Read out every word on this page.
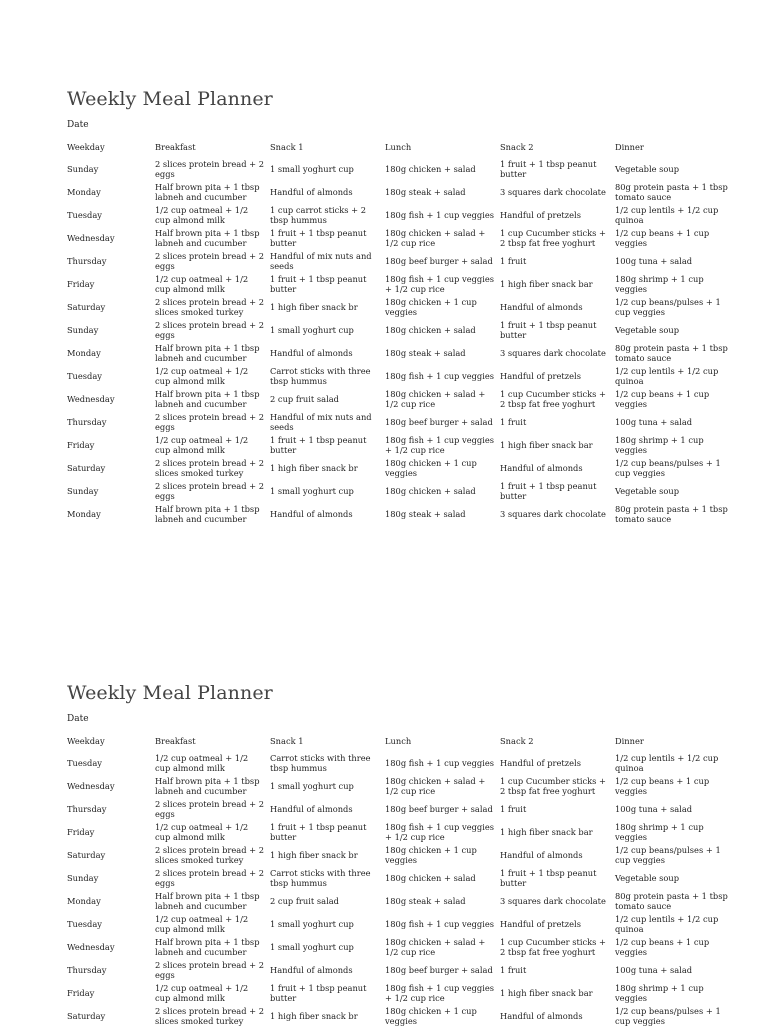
Weekly Meal Planner
Date
Weekday	Breakfast	Snack 1	Lunch	Snack 2	Dinner
Sunday	2 slices protein bread + 2 eggs	1 small yoghurt cup	180g chicken + salad	1 fruit + 1 tbsp peanut butter	Vegetable soup
Monday	Half brown pita + 1 tbsp labneh and cucumber	Handful of almonds	180g steak + salad	3 squares dark chocolate	80g protein pasta + 1 tbsp tomato sauce
Tuesday	1/2 cup oatmeal + 1/2 cup almond milk	1 cup carrot sticks + 2 tbsp hummus	180g fish + 1 cup veggies	Handful of pretzels	1/2 cup lentils + 1/2 cup quinoa
Wednesday	Half brown pita + 1 tbsp labneh and cucumber	1 fruit + 1 tbsp peanut butter	180g chicken + salad + 1/2 cup rice	1 cup Cucumber sticks + 2 tbsp fat free yoghurt	1/2 cup beans + 1 cup veggies
Thursday	2 slices protein bread + 2 eggs	Handful of mix nuts and seeds	180g beef burger + salad	1 fruit	100g tuna + salad
Friday	1/2 cup oatmeal + 1/2 cup almond milk	1 fruit + 1 tbsp peanut butter	180g fish + 1 cup veggies + 1/2 cup rice	1 high fiber snack bar	180g shrimp + 1 cup veggies
Saturday	2 slices protein bread + 2 slices smoked turkey	1 high fiber snack br	180g chicken + 1 cup veggies	Handful of almonds	1/2 cup beans/pulses + 1 cup veggies
Sunday	2 slices protein bread + 2 eggs	1 small yoghurt cup	180g chicken + salad	1 fruit + 1 tbsp peanut butter	Vegetable soup
Monday	Half brown pita + 1 tbsp labneh and cucumber	Handful of almonds	180g steak + salad	3 squares dark chocolate	80g protein pasta + 1 tbsp tomato sauce
Tuesday	1/2 cup oatmeal + 1/2 cup almond milk	Carrot sticks with three tbsp hummus	180g fish + 1 cup veggies	Handful of pretzels	1/2 cup lentils + 1/2 cup quinoa
Wednesday	Half brown pita + 1 tbsp labneh and cucumber	2 cup fruit salad	180g chicken + salad + 1/2 cup rice	1 cup Cucumber sticks + 2 tbsp fat free yoghurt	1/2 cup beans + 1 cup veggies
Thursday	2 slices protein bread + 2 eggs	Handful of mix nuts and seeds	180g beef burger + salad	1 fruit	100g tuna + salad
Friday	1/2 cup oatmeal + 1/2 cup almond milk	1 fruit + 1 tbsp peanut butter	180g fish + 1 cup veggies + 1/2 cup rice	1 high fiber snack bar	180g shrimp + 1 cup veggies
Saturday	2 slices protein bread + 2 slices smoked turkey	1 high fiber snack br	180g chicken + 1 cup veggies	Handful of almonds	1/2 cup beans/pulses + 1 cup veggies
Sunday	2 slices protein bread + 2 eggs	1 small yoghurt cup	180g chicken + salad	1 fruit + 1 tbsp peanut butter	Vegetable soup
Monday	Half brown pita + 1 tbsp labneh and cucumber	Handful of almonds	180g steak + salad	3 squares dark chocolate	80g protein pasta + 1 tbsp tomato sauce
Weekly Meal Planner
Date
Weekday	Breakfast	Snack 1	Lunch	Snack 2	Dinner
Tuesday	1/2 cup oatmeal + 1/2 cup almond milk	Carrot sticks with three tbsp hummus	180g fish + 1 cup veggies	Handful of pretzels	1/2 cup lentils + 1/2 cup quinoa
Wednesday	Half brown pita + 1 tbsp labneh and cucumber	1 small yoghurt cup	180g chicken + salad + 1/2 cup rice	1 cup Cucumber sticks + 2 tbsp fat free yoghurt	1/2 cup beans + 1 cup veggies
Thursday	2 slices protein bread + 2 eggs	Handful of almonds	180g beef burger + salad	1 fruit	100g tuna + salad
Friday	1/2 cup oatmeal + 1/2 cup almond milk	1 fruit + 1 tbsp peanut butter	180g fish + 1 cup veggies + 1/2 cup rice	1 high fiber snack bar	180g shrimp + 1 cup veggies
Saturday	2 slices protein bread + 2 slices smoked turkey	1 high fiber snack br	180g chicken + 1 cup veggies	Handful of almonds	1/2 cup beans/pulses + 1 cup veggies
Sunday	2 slices protein bread + 2 eggs	Carrot sticks with three tbsp hummus	180g chicken + salad	1 fruit + 1 tbsp peanut butter	Vegetable soup
Monday	Half brown pita + 1 tbsp labneh and cucumber	2 cup fruit salad	180g steak + salad	3 squares dark chocolate	80g protein pasta + 1 tbsp tomato sauce
Tuesday	1/2 cup oatmeal + 1/2 cup almond milk	1 small yoghurt cup	180g fish + 1 cup veggies	Handful of pretzels	1/2 cup lentils + 1/2 cup quinoa
Wednesday	Half brown pita + 1 tbsp labneh and cucumber	1 small yoghurt cup	180g chicken + salad + 1/2 cup rice	1 cup Cucumber sticks + 2 tbsp fat free yoghurt	1/2 cup beans + 1 cup veggies
Thursday	2 slices protein bread + 2 eggs	Handful of almonds	180g beef burger + salad	1 fruit	100g tuna + salad
Friday	1/2 cup oatmeal + 1/2 cup almond milk	1 fruit + 1 tbsp peanut butter	180g fish + 1 cup veggies + 1/2 cup rice	1 high fiber snack bar	180g shrimp + 1 cup veggies
Saturday	2 slices protein bread + 2 slices smoked turkey	1 high fiber snack br	180g chicken + 1 cup veggies	Handful of almonds	1/2 cup beans/pulses + 1 cup veggies
